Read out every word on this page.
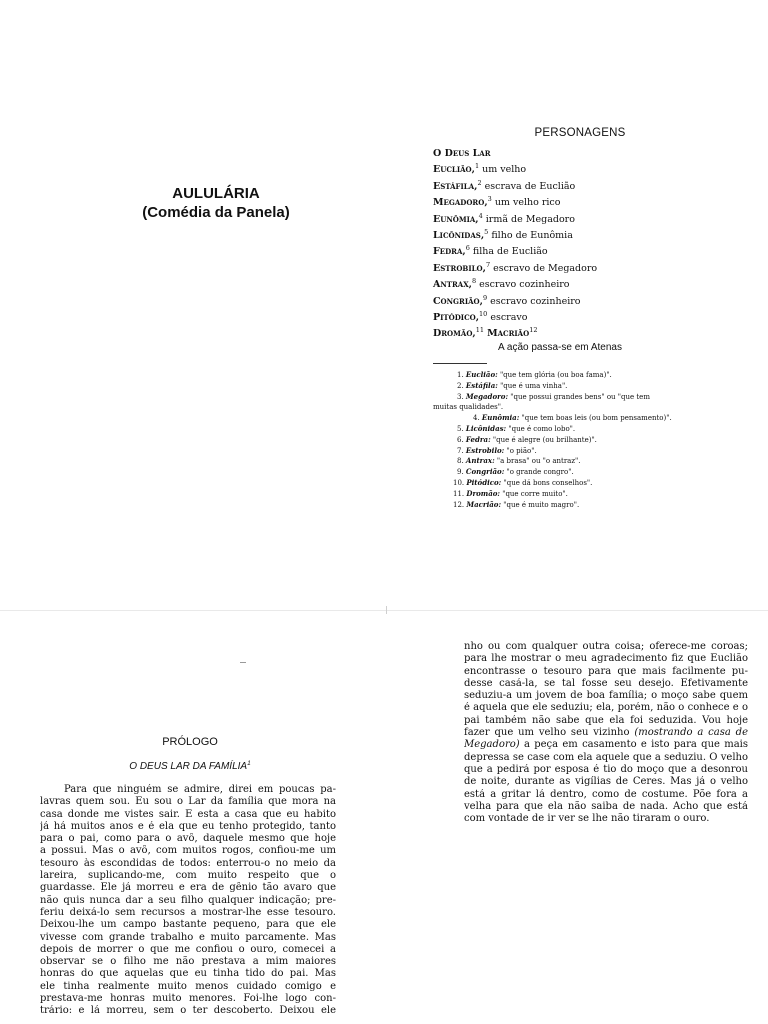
AULULÁRIA
(Comédia da Panela)
PERSONAGENS
O Deus Lar
Euclião,$^1$ um velho
Estáfila,$^2$ escrava de Euclião
Megadoro,$^3$ um velho rico
Eunômia,$^4$ irmã de Megadoro
Licônidas,$^5$ filho de Eunômia
Fedra,$^6$ filha de Euclião
Estrobilo,$^7$ escravo de Megadoro
Antrax,$^8$ escravo cozinheiro
Congrião,$^9$ escravo cozinheiro
Pitódico,$^{10}$ escravo
Dromão,$^{11}$ Macrião$^{12}$
A ação passa-se em Atenas
1. Euclião: "que tem glória (ou boa fama)".
2. Estáfila: "que é uma vinha".
3. Megadoro: "que possui grandes bens" ou "que tem
muitas qualidades".
4. Eunômia: "que tem boas leis (ou bom pensamento)".
5. Licônidas: "que é como lobo".
6. Fedra: "que é alegre (ou brilhante)".
7. Estrobilo: "o pião".
8. Antrax: "a brasa" ou "o antraz".
9. Congrião: "o grande congro".
10. Pitódico: "que dá bons conselhos".
11. Dromão: "que corre muito".
12. Macrião: "que é muito magro".
PRÓLOGO
O DEUS LAR DA FAMÍLIA$^1$
Para que ninguém se admire, direi em poucas pa-
lavras quem sou. Eu sou o Lar da família que mora na
casa donde me vistes sair. É esta a casa que eu habito
já há muitos anos e é ela que eu tenho protegido, tanto
para o pai, como para o avô, daquele mesmo que hoje
a possui. Mas o avô, com muitos rogos, confiou-me um
tesouro às escondidas de todos: enterrou-o no meio da
lareira, suplicando-me, com muito respeito que o
guardasse. Ele já morreu e era de gênio tão avaro que
não quis nunca dar a seu filho qualquer indicação; pre-
feriu deixá-lo sem recursos a mostrar-lhe esse tesouro.
Deixou-lhe um campo bastante pequeno, para que ele
vivesse com grande trabalho e muito parcamente. Mas
depois de morrer o que me confiou o ouro, comecei a
observar se o filho me não prestava a mim maiores
honras do que aquelas que eu tinha tido do pai. Mas
ele tinha realmente muito menos cuidado comigo e
prestava-me honras muito menores. Foi-lhe logo con-
trário: e lá morreu, sem o ter descoberto. Deixou ele
nho ou com qualquer outra coisa; oferece-me coroas;
para lhe mostrar o meu agradecimento fiz que Euclião
encontrasse o tesouro para que mais facilmente pu-
desse casá-la, se tal fosse seu desejo. Efetivamente
seduziu-a um jovem de boa família; o moço sabe quem
é aquela que ele seduziu; ela, porém, não o conhece e o
pai também não sabe que ela foi seduzida. Vou hoje
fazer que um velho seu vizinho (mostrando a casa de
Megadoro) a peça em casamento e isto para que mais
depressa se case com ela aquele que a seduziu. O velho
que a pedirá por esposa é tio do moço que a desonrou
de noite, durante as vigílias de Ceres. Mas já o velho
está a gritar lá dentro, como de costume. Põe fora a
velha para que ela não saiba de nada. Acho que está
com vontade de ir ver se lhe não tiraram o ouro.
